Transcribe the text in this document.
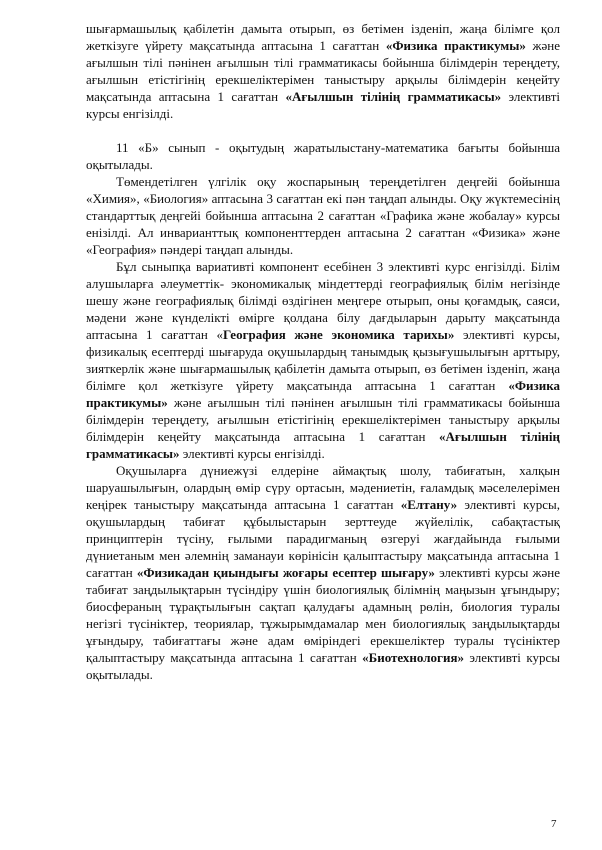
шығармашылық қабілетін дамыта отырып, өз бетімен ізденіп, жаңа білімге қол жеткізуге үйрету мақсатында аптасына 1 сағаттан «Физика практикумы» және ағылшын тілі пәнінен ағылшын тілі грамматикасы бойынша білімдерін тереңдету, ағылшын етістігінің ерекшеліктерімен таныстыру арқылы білімдерін кеңейту мақсатында аптасына 1 сағаттан «Ағылшын тілінің грамматикасы» элективті курсы енгізілді.

11 «Б» сынып - оқытудың жаратылыстану-математика бағыты бойынша оқытылады.

Төмендетілген үлгілік оқу жоспарының тереңдетілген деңгейі бойынша «Химия», «Биология» аптасына 3 сағаттан екі пән таңдап алынды. Оқу жүктемесінің стандарттық деңгейі бойынша аптасына 2 сағаттан «Графика және жобалау» курсы енізілді. Ал инварианттық компоненттерден аптасына 2 сағаттан «Физика» және «География» пәндері таңдап алынды.

Бұл сыныпқа вариативті компонент есебінен 3 элективті курс енгізілді. Білім алушыларға әлеуметтік- экономикалық міндеттерді географиялық білім негізінде шешу және географиялық білімді өздігінен меңгере отырып, оны қоғамдық, саяси, мәдени және күнделікті өмірге қолдана білу дағдыларын дарыту мақсатында аптасына 1 сағаттан «География және экономика тарихы» элективті курсы, физикалық есептерді шығаруда оқушылардың танымдық қызығушылығын арттыру, зияткерлік және шығармашылық қабілетін дамыта отырып, өз бетімен ізденіп, жаңа білімге қол жеткізуге үйрету мақсатында аптасына 1 сағаттан «Физика практикумы» және ағылшын тілі пәнінен ағылшын тілі грамматикасы бойынша білімдерін тереңдету, ағылшын етістігінің ерекшеліктерімен таныстыру арқылы білімдерін кеңейту мақсатында аптасына 1 сағаттан «Ағылшын тілінің грамматикасы» элективті курсы енгізілді.

Оқушыларға дүниежүзі елдеріне аймақтық шолу, табиғатын, халқын шаруашылығын, олардың өмір сүру ортасын, мәдениетін, ғаламдық мәселелерімен кеңірек таныстыру мақсатында аптасына 1 сағаттан «Елтану» элективті курсы, оқушылардың табиғат құбылыстарын зерттеуде жүйелілік, сабақтастық принциптерін түсіну, ғылыми парадигманың өзгеруі жағдайында ғылыми дүниетаным мен әлемнің заманауи көрінісін қалыптастыру мақсатында аптасына 1 сағаттан «Физикадан қиындығы жоғары есептер шығару» элективті курсы және табиғат заңдылықтарын түсіндіру үшін биологиялық білімнің маңызын ұғындыру; биосфераның тұрақтылығын сақтап қалудағы адамның рөлін, биология туралы негізгі түсініктер, теориялар, тұжырымдамалар мен биологиялық заңдылықтарды ұғындыру, табиғаттағы және адам өміріндегі ерекшеліктер туралы түсініктер қалыптастыру мақсатында аптасына 1 сағаттан «Биотехнология» элективті курсы оқытылады.

7
